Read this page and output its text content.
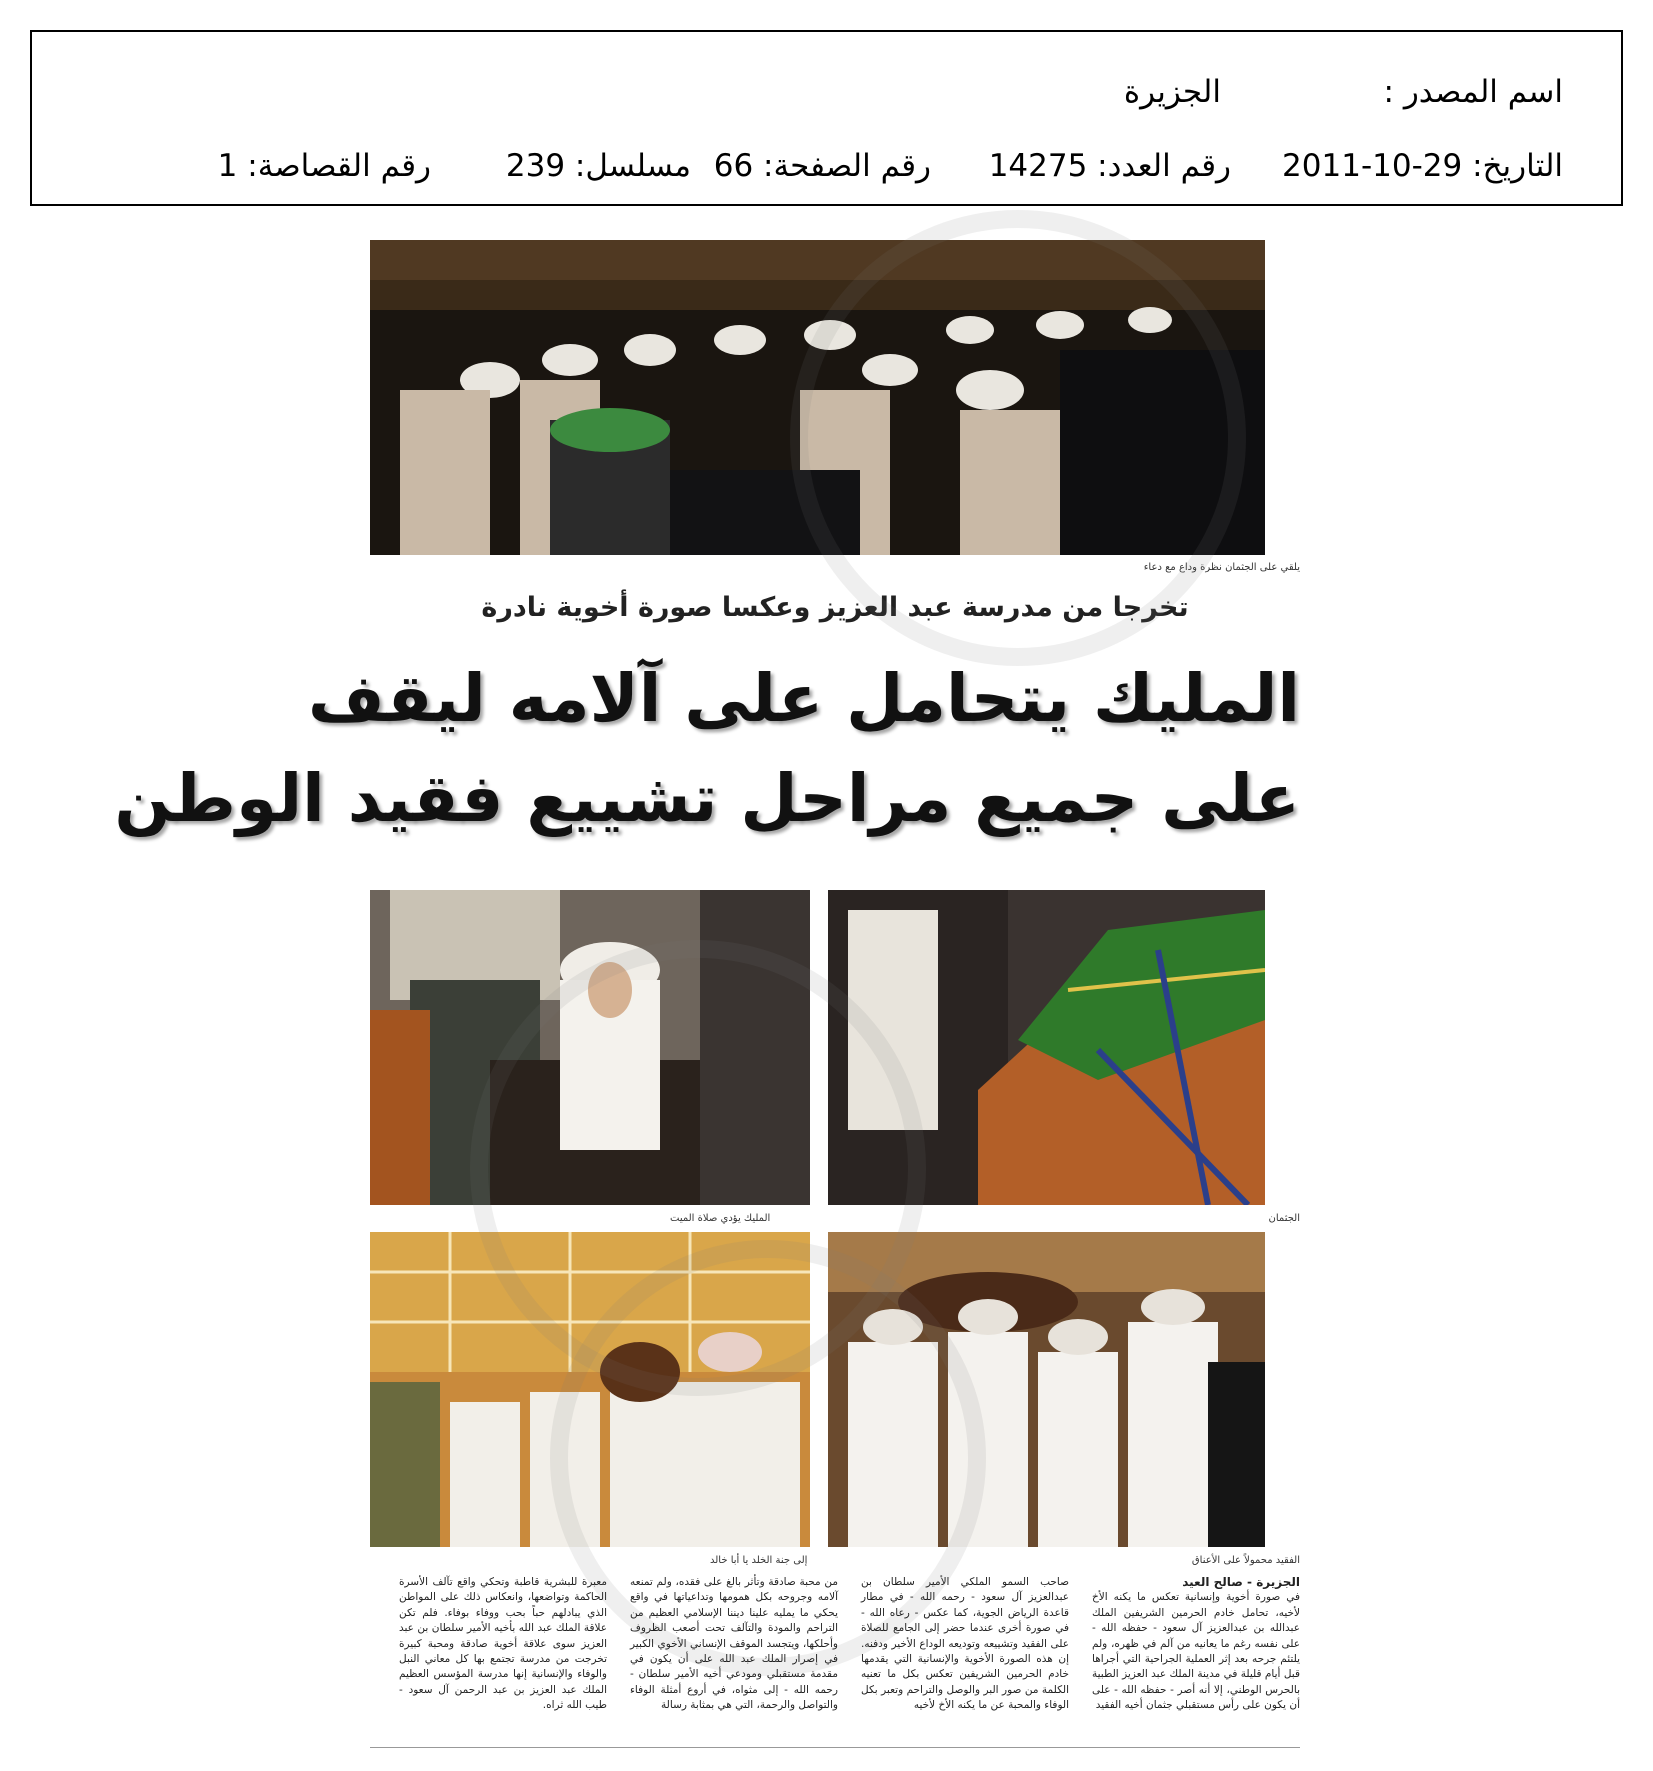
اسم المصدر :
الجزيرة
التاريخ: 29-10-2011
رقم العدد: 14275
رقم الصفحة: 66
مسلسل: 239
رقم القصاصة: 1
يلقي على الجثمان نظرة وداع مع دعاء
تخرجا من مدرسة عبد العزيز وعكسا صورة أخوية نادرة
المليك يتحامل على آلامه ليقف
على جميع مراحل تشييع فقيد الوطن
الجثمان
المليك يؤدي صلاة الميت
الفقيد محمولاً على الأعناق
إلى جنة الخلد يا أبا خالد
الجزيرة - صالح العيد
في صورة أخوية وإنسانية تعكس ما يكنه الأخ لأخيه، تحامل خادم الحرمين الشريفين الملك عبدالله بن عبدالعزيز آل سعود - حفظه الله - على نفسه رغم ما يعانيه من آلم في ظهره، ولم يلتئم جرحه بعد إثر العملية الجراحية التي أجراها قبل أيام قليلة في مدينة الملك عبد العزيز الطبية بالحرس الوطني، إلا أنه أصر - حفظه الله - على أن يكون على رأس مستقبلي جثمان أخيه الفقيد
صاحب السمو الملكي الأمير سلطان بن عبدالعزيز آل سعود - رحمه الله - في مطار قاعدة الرياض الجوية، كما عكس - رعاه الله - في صورة أخرى عندما حضر إلى الجامع للصلاة على الفقيد وتشييعه وتوديعه الوداع الأخير ودفنه. إن هذه الصورة الأخوية والإنسانية التي يقدمها خادم الحرمين الشريفين تعكس بكل ما تعنيه الكلمة من صور البر والوصل والتراحم وتعبر بكل الوفاء والمحبة عن ما يكنه الأخ لأخيه
من محبة صادقة وتأثر بالغ على فقده، ولم تمنعه آلامه وجروحه بكل همومها وتداعياتها في واقع يحكي ما يمليه علينا ديننا الإسلامي العظيم من التراحم والمودة والتآلف تحت أصعب الظروف وأحلكها، ويتجسد الموقف الإنساني الأخوي الكبير في إصرار الملك عبد الله على أن يكون في مقدمة مستقبلي ومودعي أخيه الأمير سلطان - رحمه الله - إلى مثواه، في أروع أمثلة الوفاء والتواصل والرحمة، التي هي بمثابة رسالة
معبرة للبشرية قاطبة وتحكي واقع تآلف الأسرة الحاكمة وتواضعها، وانعكاس ذلك على المواطن الذي يبادلهم حباً بحب ووفاء بوفاء. فلم تكن علاقة الملك عبد الله بأخيه الأمير سلطان بن عبد العزيز سوى علاقة أخوية صادقة ومحبة كبيرة تخرجت من مدرسة تجتمع بها كل معاني النبل والوفاء والإنسانية إنها مدرسة المؤسس العظيم الملك عبد العزيز بن عبد الرحمن آل سعود - طيب الله ثراه.
